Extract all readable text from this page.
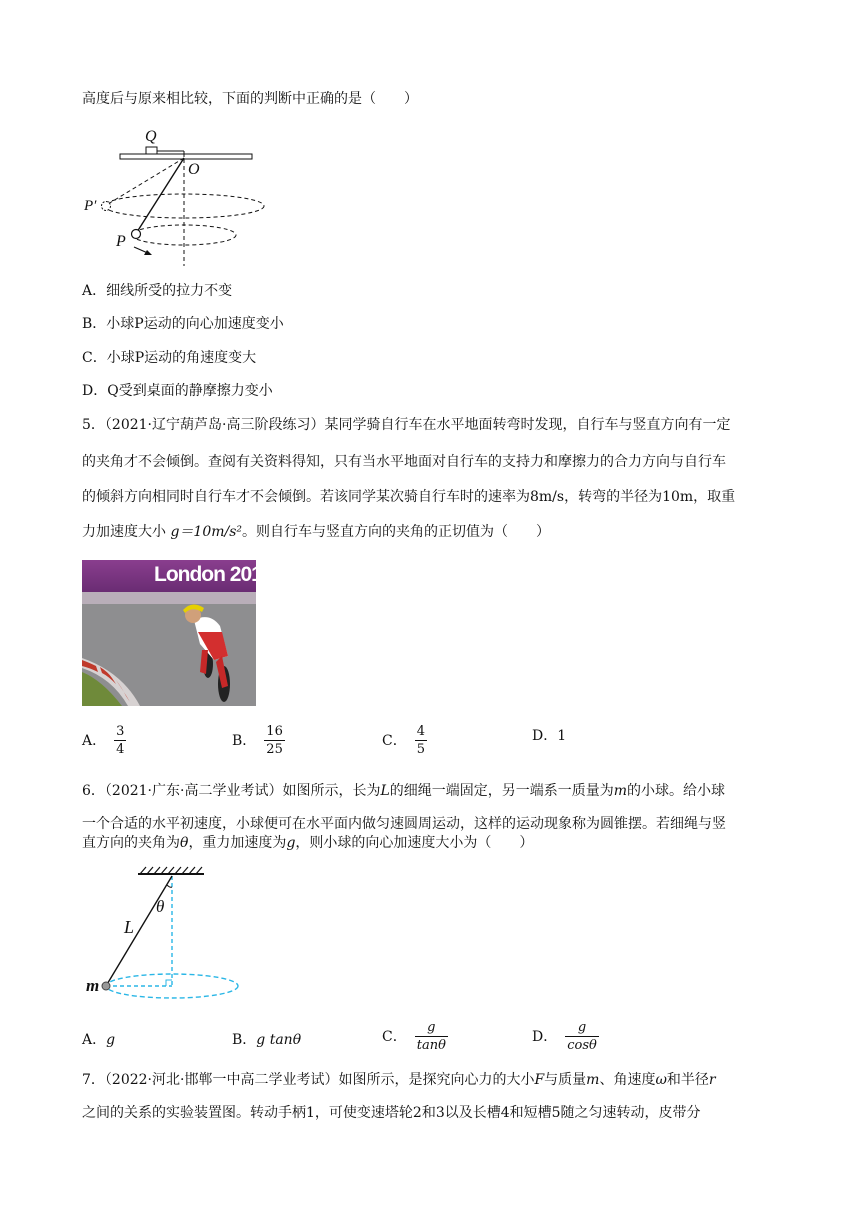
高度后与原来相比较，下面的判断中正确的是（　　）
Q
O
P′
P
A．细线所受的拉力不变
B．小球P运动的向心加速度变小
C．小球P运动的角速度变大
D．Q受到桌面的静摩擦力变小
5．（2021·辽宁葫芦岛·高三阶段练习）某同学骑自行车在水平地面转弯时发现，自行车与竖直方向有一定
的夹角才不会倾倒。查阅有关资料得知，只有当水平地面对自行车的支持力和摩擦力的合力方向与自行车
的倾斜方向相同时自行车才不会倾倒。若该同学某次骑自行车时的速率为8m/s，转弯的半径为10m，取重
力加速度大小 g＝10m/s²。则自行车与竖直方向的夹角的正切值为（　　）
London 2012
A． $\frac{3}{4}$	B． $\frac{16}{25}$	C． $\frac{4}{5}$	D．1
6．（2021·广东·高二学业考试）如图所示，长为L的细绳一端固定，另一端系一质量为m的小球。给小球
一个合适的水平初速度，小球便可在水平面内做匀速圆周运动，这样的运动现象称为圆锥摆。若细绳与竖
直方向的夹角为θ，重力加速度为g，则小球的向心加速度大小为（　　）
L
θ
m
A．g	B．g tanθ	C． $\frac{g}{\tan\theta}$	D． $\frac{g}{\cos\theta}$
7．（2022·河北·邯郸一中高二学业考试）如图所示，是探究向心力的大小F与质量m、角速度ω和半径r
之间的关系的实验装置图。转动手柄1，可使变速塔轮2和3以及长槽4和短槽5随之匀速转动，皮带分
